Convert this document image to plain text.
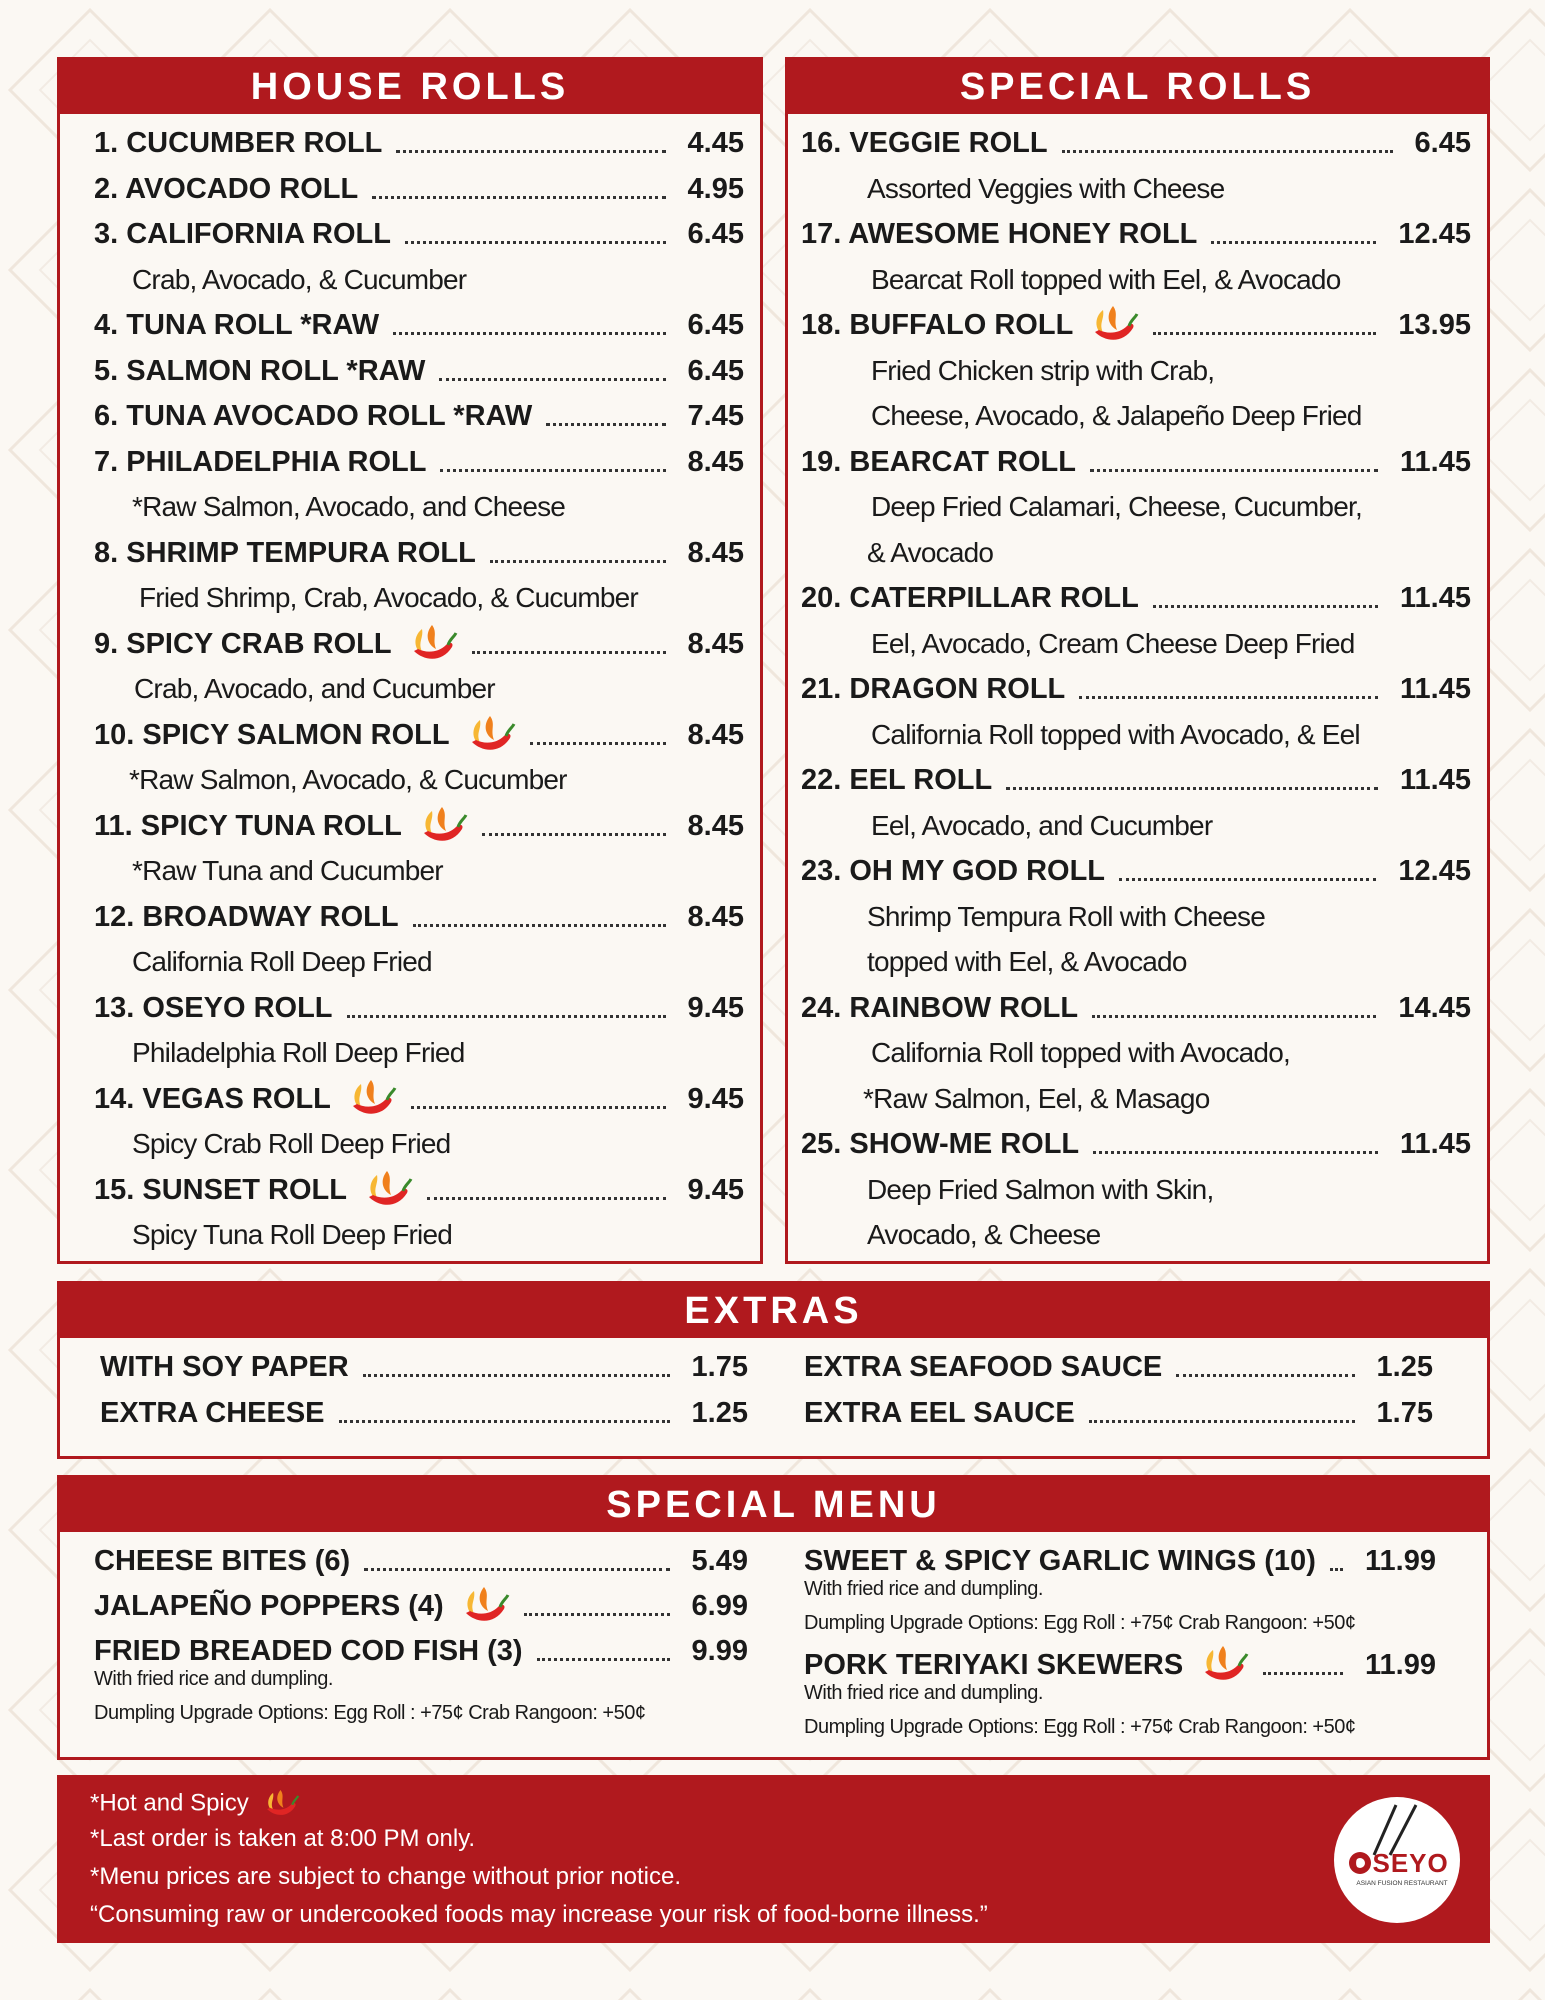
HOUSE ROLLS
1. CUCUMBER ROLL	4.45
2. AVOCADO ROLL	4.95
3. CALIFORNIA ROLL	6.45
Crab, Avocado, & Cucumber
4. TUNA ROLL *RAW	6.45
5. SALMON ROLL *RAW	6.45
6. TUNA AVOCADO ROLL *RAW	7.45
7. PHILADELPHIA ROLL	8.45
*Raw Salmon, Avocado, and Cheese
8. SHRIMP TEMPURA ROLL	8.45
Fried Shrimp, Crab, Avocado, & Cucumber
9. SPICY CRAB ROLL	8.45
Crab, Avocado, and Cucumber
10. SPICY SALMON ROLL	8.45
*Raw Salmon, Avocado, & Cucumber
11. SPICY TUNA ROLL	8.45
*Raw Tuna and Cucumber
12. BROADWAY ROLL	8.45
California Roll Deep Fried
13. OSEYO ROLL	9.45
Philadelphia Roll Deep Fried
14. VEGAS ROLL	9.45
Spicy Crab Roll Deep Fried
15. SUNSET ROLL	9.45
Spicy Tuna Roll Deep Fried
SPECIAL ROLLS
16. VEGGIE ROLL	6.45
Assorted Veggies with Cheese
17. AWESOME HONEY ROLL	12.45
Bearcat Roll topped with Eel, & Avocado
18. BUFFALO ROLL	13.95
Fried Chicken strip with Crab,
Cheese, Avocado, & Jalapeño Deep Fried
19. BEARCAT ROLL	11.45
Deep Fried Calamari, Cheese, Cucumber,
& Avocado
20. CATERPILLAR ROLL	11.45
Eel, Avocado, Cream Cheese Deep Fried
21. DRAGON ROLL	11.45
California Roll topped with Avocado, & Eel
22. EEL ROLL	11.45
Eel, Avocado, and Cucumber
23. OH MY GOD ROLL	12.45
Shrimp Tempura Roll with Cheese
topped with Eel, & Avocado
24. RAINBOW ROLL	14.45
California Roll topped with Avocado,
*Raw Salmon, Eel, & Masago
25. SHOW-ME ROLL	11.45
Deep Fried Salmon with Skin,
Avocado, & Cheese
EXTRAS
WITH SOY PAPER	1.75
EXTRA CHEESE	1.25
EXTRA SEAFOOD SAUCE	1.25
EXTRA EEL SAUCE	1.75
SPECIAL MENU
CHEESE BITES (6)	5.49
JALAPEÑO POPPERS (4)	6.99
FRIED BREADED COD FISH (3)	9.99
With fried rice and dumpling.
Dumpling Upgrade Options: Egg Roll : +75¢ Crab Rangoon: +50¢
SWEET & SPICY GARLIC WINGS (10) 11.99
With fried rice and dumpling.
Dumpling Upgrade Options: Egg Roll : +75¢ Crab Rangoon: +50¢
PORK TERIYAKI SKEWERS	11.99
With fried rice and dumpling.
Dumpling Upgrade Options: Egg Roll : +75¢ Crab Rangoon: +50¢
*Hot and Spicy
*Last order is taken at 8:00 PM only.
*Menu prices are subject to change without prior notice.
“Consuming raw or undercooked foods may increase your risk of food-borne illness.”
OSEYO
ASIAN FUSION RESTAURANT
